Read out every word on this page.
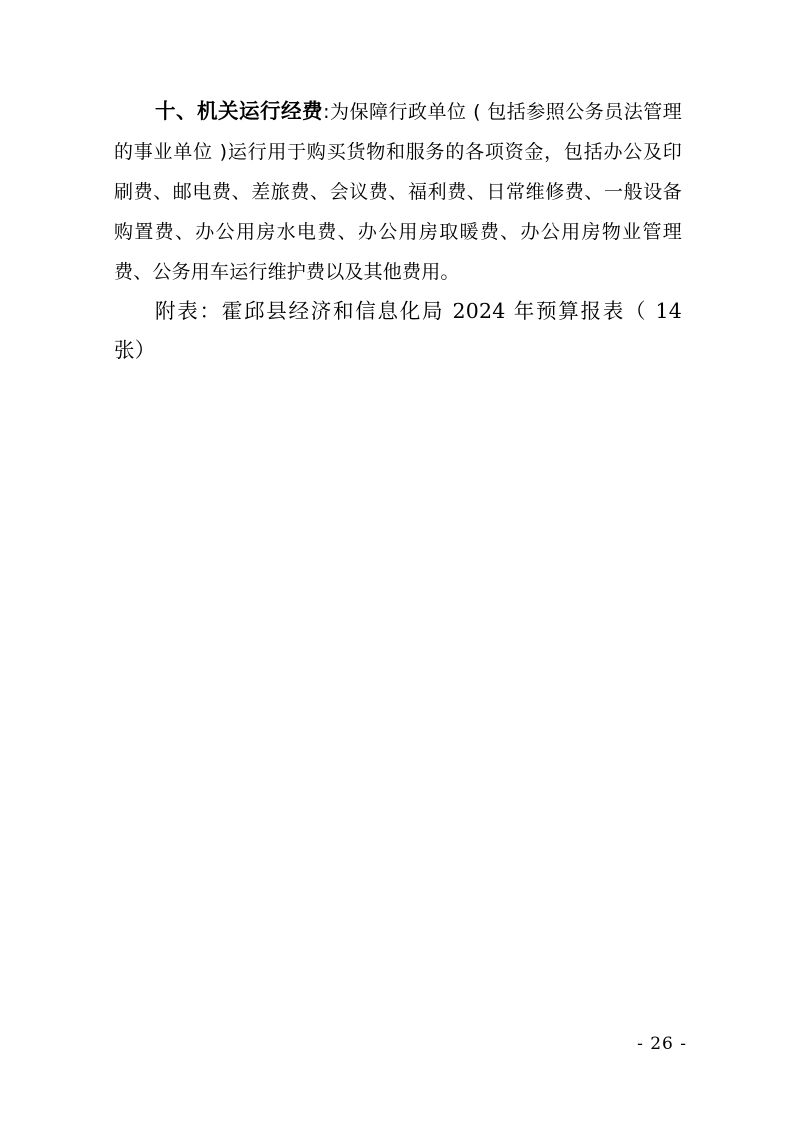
十、机关运行经费:为保障行政单位 ( 包括参照公务员法管理的事业单位 )运行用于购买货物和服务的各项资金，包括办公及印刷费、邮电费、差旅费、会议费、福利费、日常维修费、一般设备购置费、办公用房水电费、办公用房取暖费、办公用房物业管理费、公务用车运行维护费以及其他费用。

附表：霍邱县经济和信息化局 2024 年预算报表（ 14 张）

- 26 -
